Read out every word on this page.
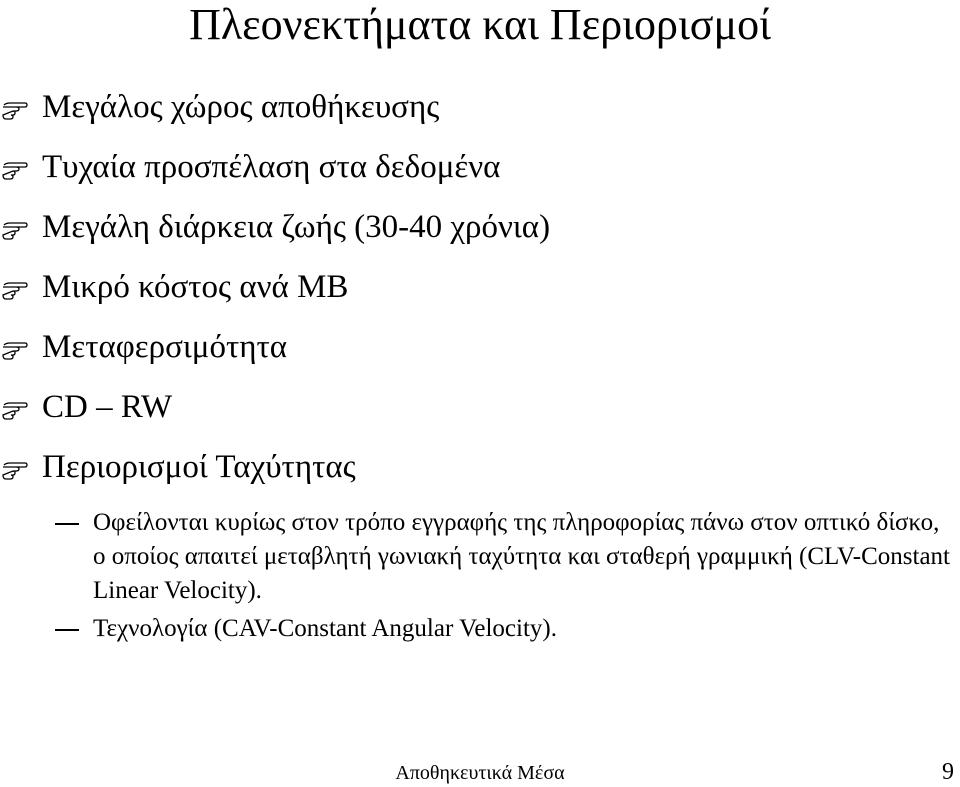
Πλεονεκτήματα και Περιορισμοί
Μεγάλος χώρος αποθήκευσης
Τυχαία προσπέλαση στα δεδομένα
Μεγάλη διάρκεια ζωής (30-40 χρόνια)
Μικρό κόστος ανά MB
Μεταφερσιμότητα
CD – RW
Περιορισμοί Ταχύτητας
Οφείλονται κυρίως στον τρόπο εγγραφής της πληροφορίας πάνω στον οπτικό δίσκο, ο οποίος απαιτεί μεταβλητή γωνιακή ταχύτητα και σταθερή γραμμική (CLV-Constant Linear Velocity).
Τεχνολογία (CAV-Constant Angular Velocity).
Αποθηκευτικά Μέσα	9
